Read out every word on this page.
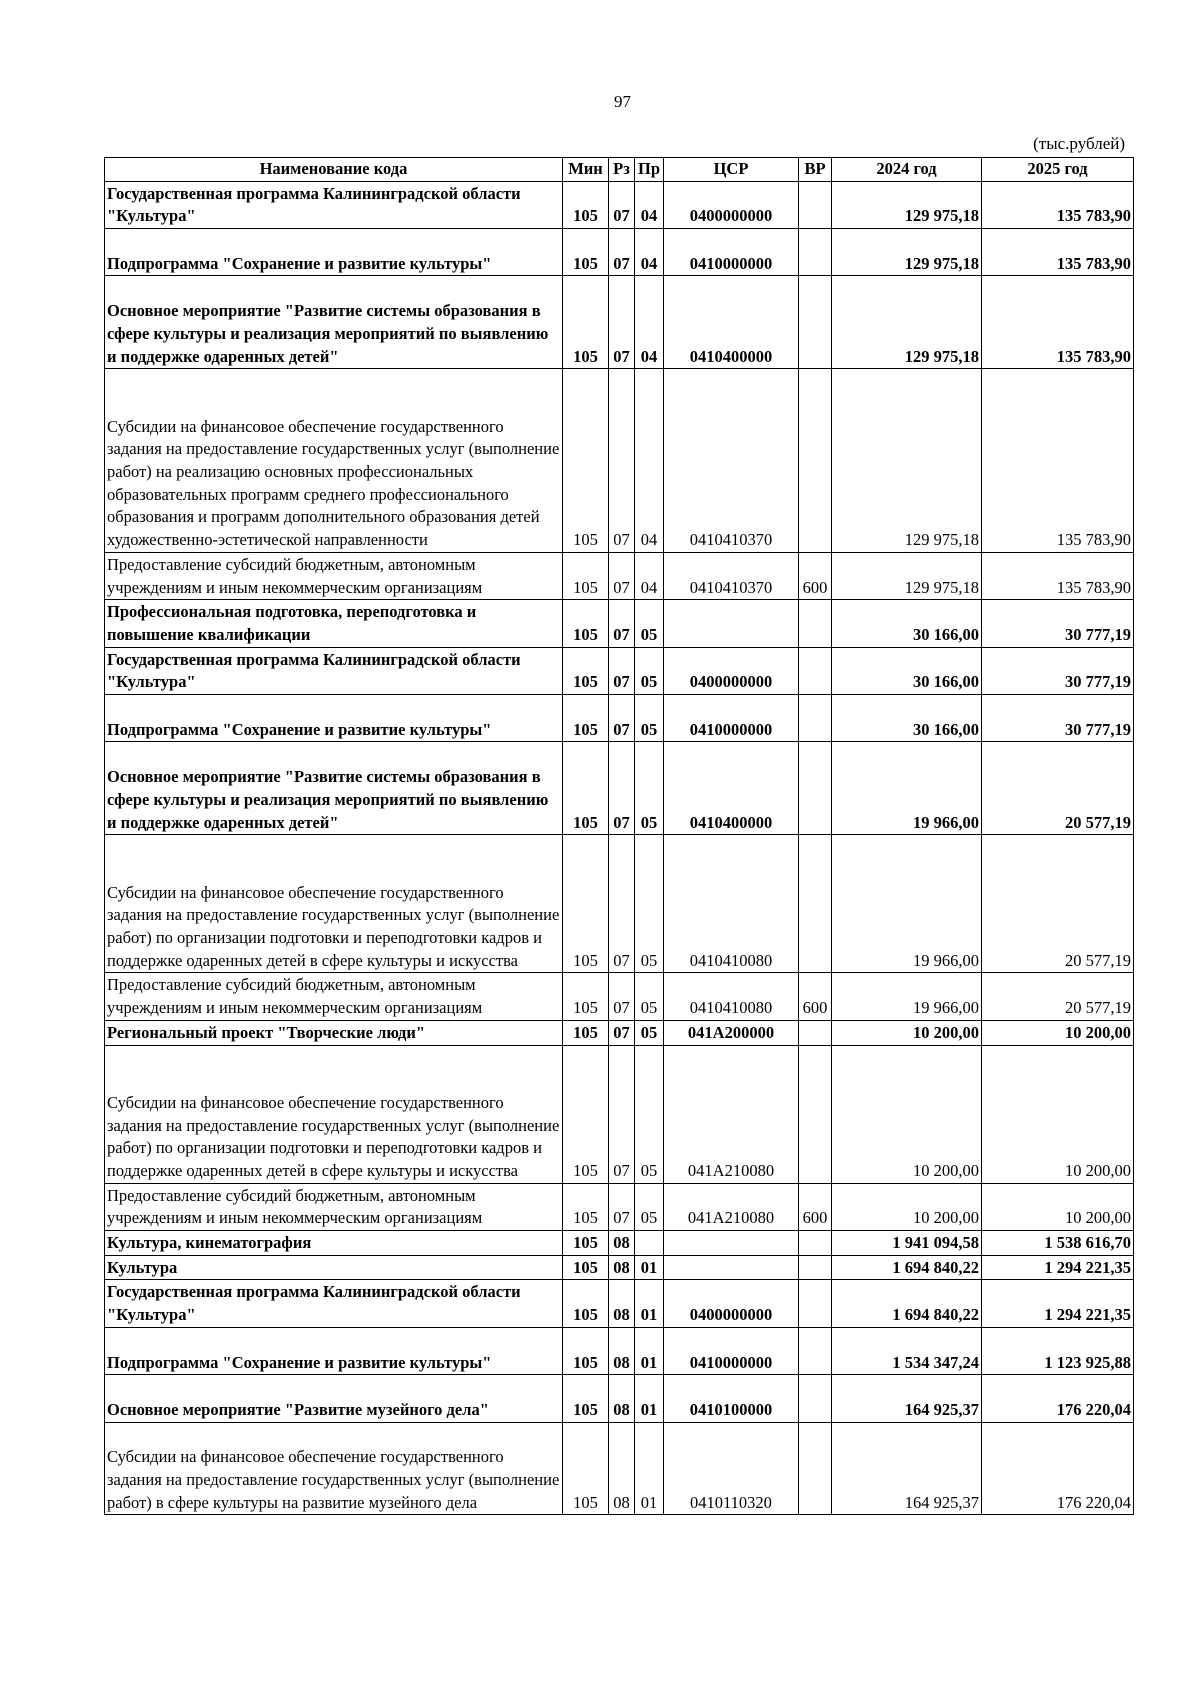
97
(тыс.рублей)
Наименование кода	Мин	Рз	Пр	ЦСР	ВР	2024 год	2025 год
Государственная программа Калининградской области "Культура"	105	07	04	0400000000		129 975,18	135 783,90
Подпрограмма "Сохранение и развитие культуры"	105	07	04	0410000000		129 975,18	135 783,90
Основное мероприятие "Развитие системы образования в сфере культуры и реализация мероприятий по выявлению и поддержке одаренных детей"	105	07	04	0410400000		129 975,18	135 783,90
Субсидии на финансовое обеспечение государственного задания на предоставление государственных услуг (выполнение работ) на реализацию основных профессиональных образовательных программ среднего профессионального образования и программ дополнительного образования детей художественно-эстетической направленности	105	07	04	0410410370		129 975,18	135 783,90
Предоставление субсидий бюджетным, автономным учреждениям и иным некоммерческим организациям	105	07	04	0410410370	600	129 975,18	135 783,90
Профессиональная подготовка, переподготовка и повышение квалификации	105	07	05			30 166,00	30 777,19
Государственная программа Калининградской области "Культура"	105	07	05	0400000000		30 166,00	30 777,19
Подпрограмма "Сохранение и развитие культуры"	105	07	05	0410000000		30 166,00	30 777,19
Основное мероприятие "Развитие системы образования в сфере культуры и реализация мероприятий по выявлению и поддержке одаренных детей"	105	07	05	0410400000		19 966,00	20 577,19
Субсидии на финансовое обеспечение государственного задания на предоставление государственных услуг (выполнение работ) по организации подготовки и переподготовки кадров и поддержке одаренных детей в сфере культуры и искусства	105	07	05	0410410080		19 966,00	20 577,19
Предоставление субсидий бюджетным, автономным учреждениям и иным некоммерческим организациям	105	07	05	0410410080	600	19 966,00	20 577,19
Региональный проект "Творческие люди"	105	07	05	041А200000		10 200,00	10 200,00
Субсидии на финансовое обеспечение государственного задания на предоставление государственных услуг (выполнение работ) по организации подготовки и переподготовки кадров и поддержке одаренных детей в сфере культуры и искусства	105	07	05	041А210080		10 200,00	10 200,00
Предоставление субсидий бюджетным, автономным учреждениям и иным некоммерческим организациям	105	07	05	041А210080	600	10 200,00	10 200,00
Культура, кинематография	105	08				1 941 094,58	1 538 616,70
Культура	105	08	01			1 694 840,22	1 294 221,35
Государственная программа Калининградской области "Культура"	105	08	01	0400000000		1 694 840,22	1 294 221,35
Подпрограмма "Сохранение и развитие культуры"	105	08	01	0410000000		1 534 347,24	1 123 925,88
Основное мероприятие "Развитие музейного дела"	105	08	01	0410100000		164 925,37	176 220,04
Субсидии на финансовое обеспечение государственного задания на предоставление государственных услуг (выполнение работ) в сфере культуры на развитие музейного дела	105	08	01	0410110320		164 925,37	176 220,04
